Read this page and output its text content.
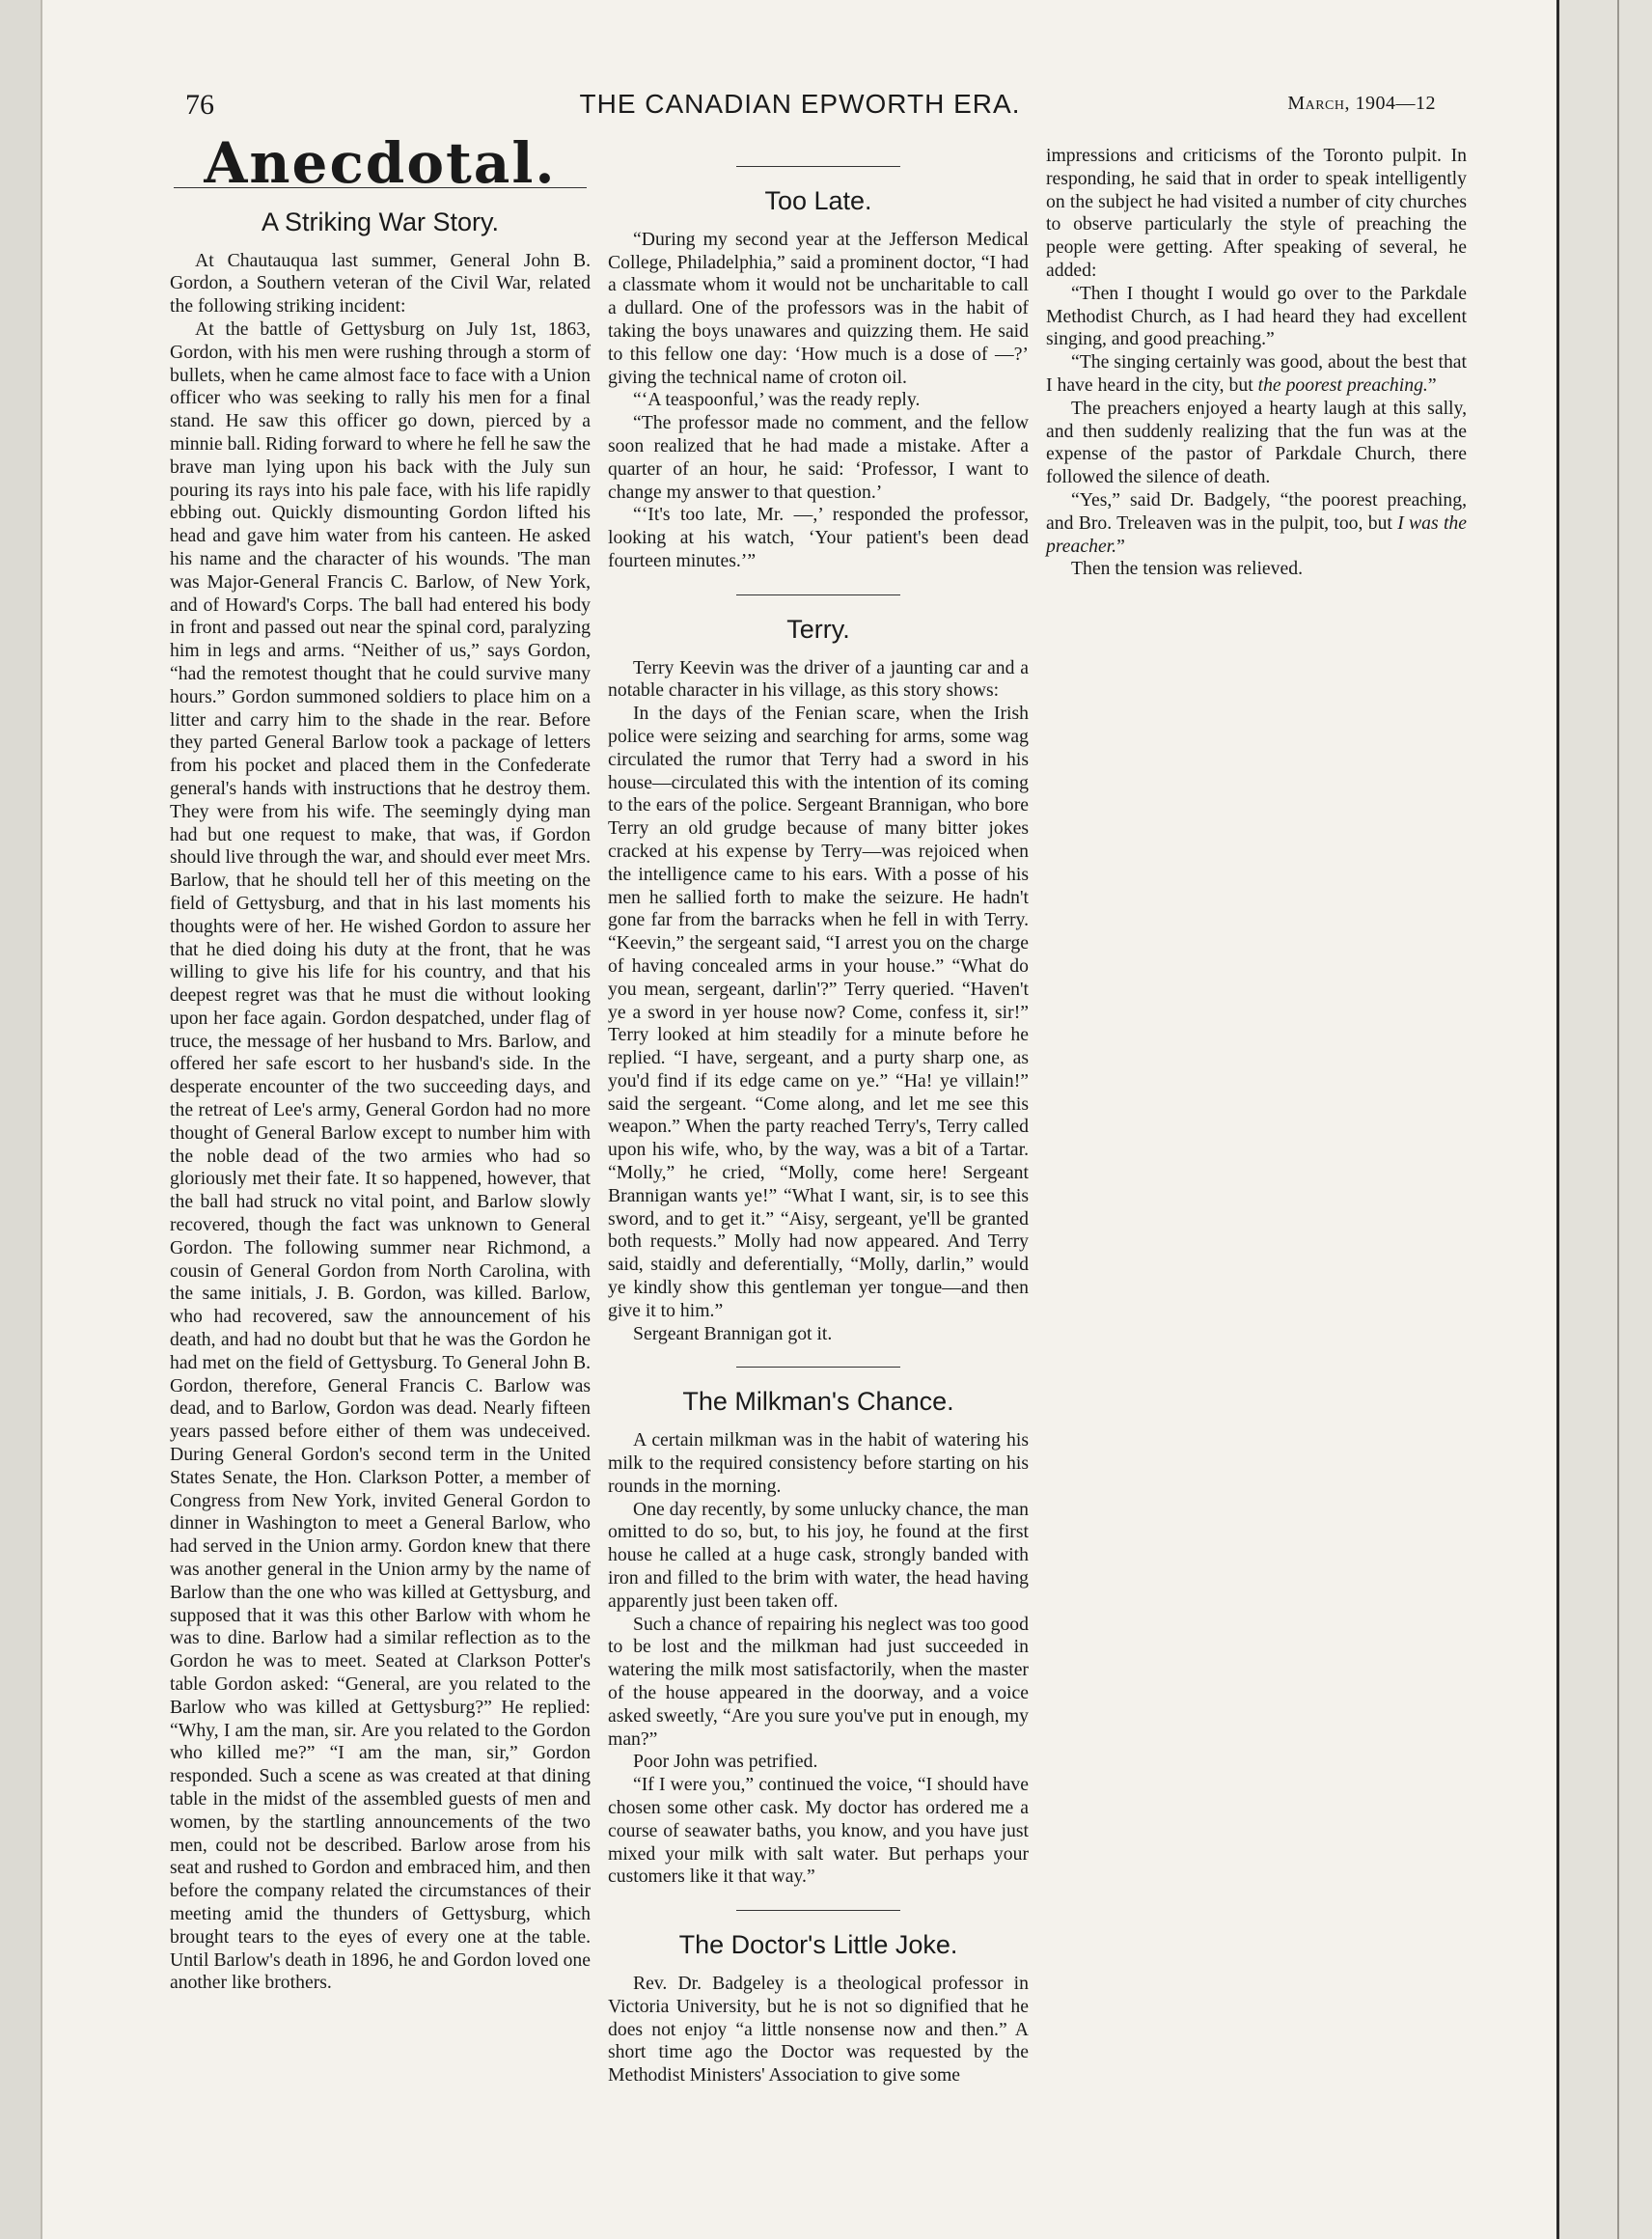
76	THE CANADIAN EPWORTH ERA.	March, 1904—12
Anecdotal.
A Striking War Story.

At Chautauqua last summer, General John B. Gordon, a Southern veteran of the Civil War, related the following striking incident:

At the battle of Gettysburg on July 1st, 1863, Gordon, with his men were rushing through a storm of bullets, when he came almost face to face with a Union officer who was seeking to rally his men for a final stand. He saw this officer go down, pierced by a minnie ball. Riding forward to where he fell he saw the brave man lying upon his back with the July sun pouring its rays into his pale face, with his life rapidly ebbing out. Quickly dismounting Gordon lifted his head and gave him water from his canteen. He asked his name and the character of his wounds. 'The man was Major-General Francis C. Barlow, of New York, and of Howard's Corps. The ball had entered his body in front and passed out near the spinal cord, paralyzing him in legs and arms. “Neither of us,” says Gordon, “had the remotest thought that he could survive many hours.” Gordon summoned soldiers to place him on a litter and carry him to the shade in the rear. Before they parted General Barlow took a package of letters from his pocket and placed them in the Confederate general's hands with instructions that he destroy them. They were from his wife. The seemingly dying man had but one request to make, that was, if Gordon should live through the war, and should ever meet Mrs. Barlow, that he should tell her of this meeting on the field of Gettysburg, and that in his last moments his thoughts were of her. He wished Gordon to assure her that he died doing his duty at the front, that he was willing to give his life for his country, and that his deepest regret was that he must die without looking upon her face again. Gordon despatched, under flag of truce, the message of her husband to Mrs. Barlow, and offered her safe escort to her husband's side. In the desperate encounter of the two succeeding days, and the retreat of Lee's army, General Gordon had no more thought of General Barlow except to number him with the noble dead of the two armies who had so gloriously met their fate. It so happened, however, that the ball had struck no vital point, and Barlow slowly recovered, though the fact was unknown to General Gordon. The following summer near Richmond, a cousin of General Gordon from North Carolina, with the same initials, J. B. Gordon, was killed. Barlow, who had recovered, saw the announcement of his death, and had no doubt but that he was the Gordon he had met on the field of Gettysburg. To General John B. Gordon, therefore, General Francis C. Barlow was dead, and to Barlow, Gordon was dead. Nearly fifteen years passed before either of them was undeceived. During General Gordon's second term in the United States Senate, the Hon. Clarkson Potter, a member of Congress from New York, invited General Gordon to dinner in Washington to meet a General Barlow, who had served in the Union army. Gordon knew that there was another general in the Union army by the name of Barlow than the one who was killed at Gettysburg, and supposed that it was this other Barlow with whom he was to dine. Barlow had a similar reflection as to the Gordon he was to meet. Seated at Clarkson Potter's table Gordon asked: “General, are you related to the Barlow who was killed at Gettysburg?” He replied: “Why, I am the man, sir. Are you related to the Gordon who killed me?” “I am the man, sir,” Gordon responded. Such a scene as was created at that dining table in the midst of the assembled guests of men and women, by the startling announcements of the two men, could not be described. Barlow arose from his seat and rushed to Gordon and embraced him, and then before the company related the circumstances of their meeting amid the thunders of Gettysburg, which brought tears to the eyes of every one at the table. Until Barlow's death in 1896, he and Gordon loved one another like brothers.

Too Late.

“During my second year at the Jefferson Medical College, Philadelphia,” said a prominent doctor, “I had a classmate whom it would not be uncharitable to call a dullard. One of the professors was in the habit of taking the boys unawares and quizzing them. He said to this fellow one day: ‘How much is a dose of —?’ giving the technical name of croton oil.

“‘A teaspoonful,’ was the ready reply.

“The professor made no comment, and the fellow soon realized that he had made a mistake. After a quarter of an hour, he said: ‘Professor, I want to change my answer to that question.’

“‘It's too late, Mr. —,’ responded the professor, looking at his watch, ‘Your patient's been dead fourteen minutes.’”

Terry.

Terry Keevin was the driver of a jaunting car and a notable character in his village, as this story shows:

In the days of the Fenian scare, when the Irish police were seizing and searching for arms, some wag circulated the rumor that Terry had a sword in his house—circulated this with the intention of its coming to the ears of the police. Sergeant Brannigan, who bore Terry an old grudge because of many bitter jokes cracked at his expense by Terry—was rejoiced when the intelligence came to his ears. With a posse of his men he sallied forth to make the seizure. He hadn't gone far from the barracks when he fell in with Terry. “Keevin,” the sergeant said, “I arrest you on the charge of having concealed arms in your house.” “What do you mean, sergeant, darlin'?” Terry queried. “Haven't ye a sword in yer house now? Come, confess it, sir!” Terry looked at him steadily for a minute before he replied. “I have, sergeant, and a purty sharp one, as you'd find if its edge came on ye.” “Ha! ye villain!” said the sergeant. “Come along, and let me see this weapon.” When the party reached Terry's, Terry called upon his wife, who, by the way, was a bit of a Tartar. “Molly,” he cried, “Molly, come here! Sergeant Brannigan wants ye!” “What I want, sir, is to see this sword, and to get it.” “Aisy, sergeant, ye'll be granted both requests.” Molly had now appeared. And Terry said, staidly and deferentially, “Molly, darlin,” would ye kindly show this gentleman yer tongue—and then give it to him.”

Sergeant Brannigan got it.

The Milkman's Chance.

A certain milkman was in the habit of watering his milk to the required consistency before starting on his rounds in the morning.

One day recently, by some unlucky chance, the man omitted to do so, but, to his joy, he found at the first house he called at a huge cask, strongly banded with iron and filled to the brim with water, the head having apparently just been taken off.

Such a chance of repairing his neglect was too good to be lost and the milkman had just succeeded in watering the milk most satisfactorily, when the master of the house appeared in the doorway, and a voice asked sweetly, “Are you sure you've put in enough, my man?”

Poor John was petrified.

“If I were you,” continued the voice, “I should have chosen some other cask. My doctor has ordered me a course of seawater baths, you know, and you have just mixed your milk with salt water. But perhaps your customers like it that way.”

The Doctor's Little Joke.

Rev. Dr. Badgeley is a theological professor in Victoria University, but he is not so dignified that he does not enjoy “a little nonsense now and then.” A short time ago the Doctor was requested by the Methodist Ministers' Association to give some

impressions and criticisms of the Toronto pulpit. In responding, he said that in order to speak intelligently on the subject he had visited a number of city churches to observe particularly the style of preaching the people were getting. After speaking of several, he added:

“Then I thought I would go over to the Parkdale Methodist Church, as I had heard they had excellent singing, and good preaching.”

“The singing certainly was good, about the best that I have heard in the city, but the poorest preaching.”

The preachers enjoyed a hearty laugh at this sally, and then suddenly realizing that the fun was at the expense of the pastor of Parkdale Church, there followed the silence of death.

“Yes,” said Dr. Badgely, “the poorest preaching, and Bro. Treleaven was in the pulpit, too, but I was the preacher.”

Then the tension was relieved.
